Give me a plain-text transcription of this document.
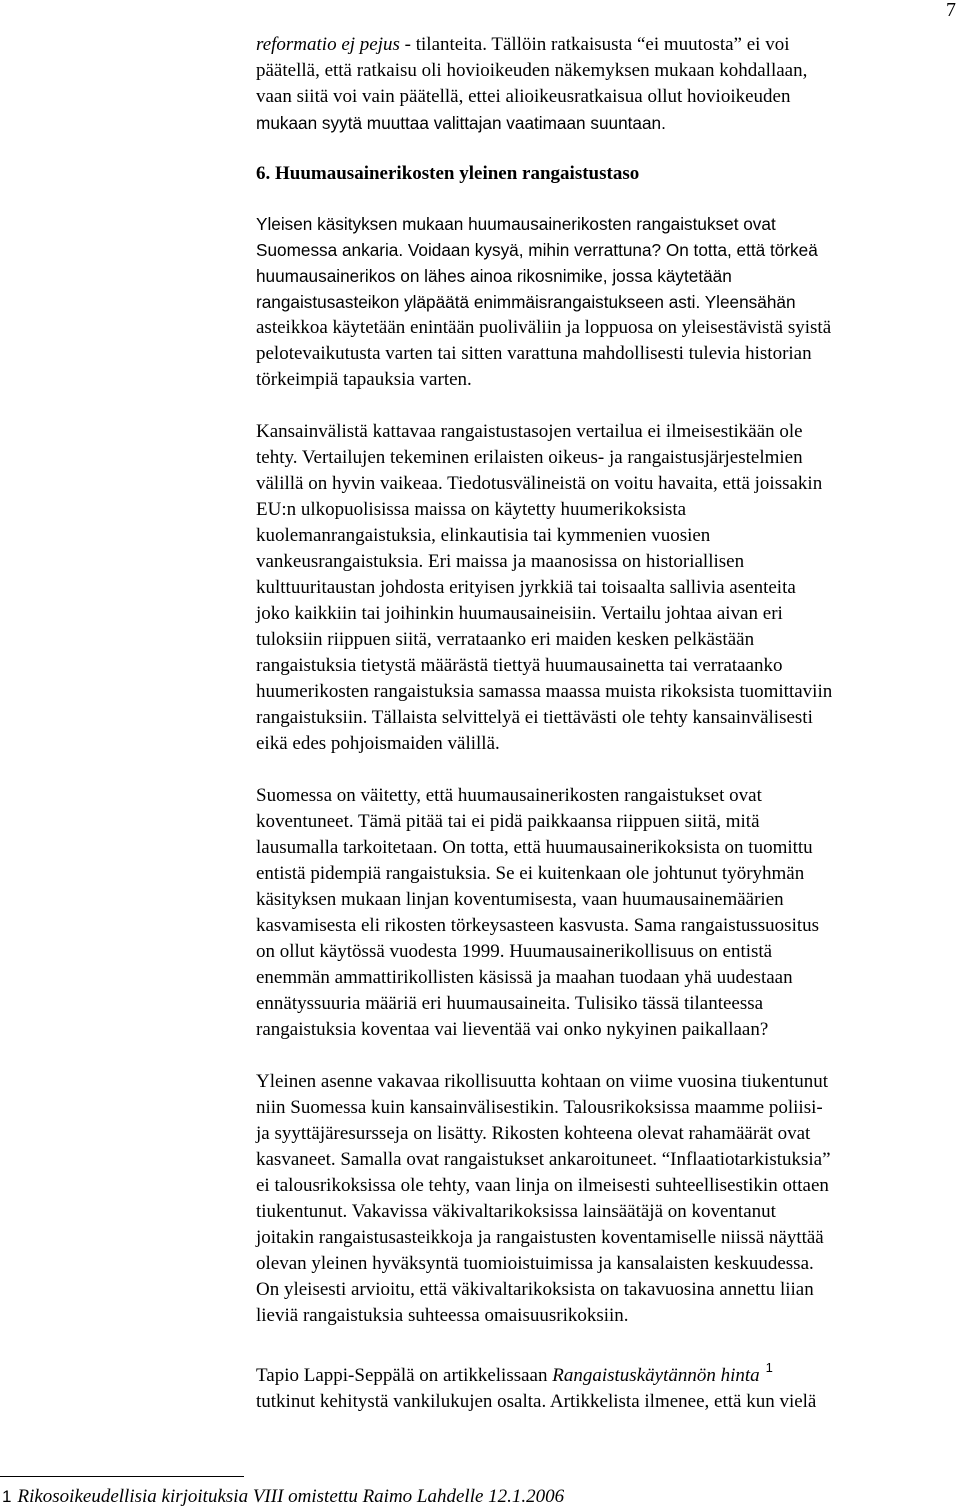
7
reformatio ej pejus - tilanteita. Tällöin ratkaisusta “ei muutosta” ei voi
päätellä, että ratkaisu oli hovioikeuden näkemyksen mukaan kohdallaan,
vaan siitä voi vain päätellä, ettei alioikeusratkaisua ollut hovioikeuden
mukaan syytä muuttaa valittajan vaatimaan suuntaan.
6. Huumausainerikosten yleinen rangaistustaso
Yleisen käsityksen mukaan huumausainerikosten rangaistukset ovat
Suomessa ankaria. Voidaan kysyä, mihin verrattuna? On totta, että törkeä
huumausainerikos on lähes ainoa rikosnimike, jossa käytetään
rangaistusasteikon yläpäätä enimmäisrangaistukseen asti. Yleensähän
asteikkoa käytetään enintään puoliväliin ja loppuosa on yleisestävistä syistä
pelotevaikutusta varten tai sitten varattuna mahdollisesti tulevia historian
törkeimpiä tapauksia varten.
Kansainvälistä kattavaa rangaistustasojen vertailua ei ilmeisestikään ole
tehty. Vertailujen tekeminen erilaisten oikeus- ja rangaistusjärjestelmien
välillä on hyvin vaikeaa. Tiedotusvälineistä on voitu havaita, että joissakin
EU:n ulkopuolisissa maissa on käytetty huumerikoksista
kuolemanrangaistuksia, elinkautisia tai kymmenien vuosien
vankeusrangaistuksia. Eri maissa ja maanosissa on historiallisen
kulttuuritaustan johdosta erityisen jyrkkiä tai toisaalta sallivia asenteita
joko kaikkiin tai joihinkin huumausaineisiin. Vertailu johtaa aivan eri
tuloksiin riippuen siitä, verrataanko eri maiden kesken pelkästään
rangaistuksia tietystä määrästä tiettyä huumausainetta tai verrataanko
huumerikosten rangaistuksia samassa maassa muista rikoksista tuomittaviin
rangaistuksiin. Tällaista selvittelyä ei tiettävästi ole tehty kansainvälisesti
eikä edes pohjoismaiden välillä.
Suomessa on väitetty, että huumausainerikosten rangaistukset ovat
koventuneet. Tämä pitää tai ei pidä paikkaansa riippuen siitä, mitä
lausumalla tarkoitetaan. On totta, että huumausainerikoksista on tuomittu
entistä pidempiä rangaistuksia. Se ei kuitenkaan ole johtunut työryhmän
käsityksen mukaan linjan koventumisesta, vaan huumausainemäärien
kasvamisesta eli rikosten törkeysasteen kasvusta. Sama rangaistussuositus
on ollut käytössä vuodesta 1999. Huumausainerikollisuus on entistä
enemmän ammattirikollisten käsissä ja maahan tuodaan yhä uudestaan
ennätyssuuria määriä eri huumausaineita. Tulisiko tässä tilanteessa
rangaistuksia koventaa vai lieventää vai onko nykyinen paikallaan?
Yleinen asenne vakavaa rikollisuutta kohtaan on viime vuosina tiukentunut
niin Suomessa kuin kansainvälisestikin. Talousrikoksissa maamme poliisi-
ja syyttäjäresursseja on lisätty. Rikosten kohteena olevat rahamäärät ovat
kasvaneet. Samalla ovat rangaistukset ankaroituneet. “Inflaatiotarkistuksia”
ei talousrikoksissa ole tehty, vaan linja on ilmeisesti suhteellisestikin ottaen
tiukentunut. Vakavissa väkivaltarikoksissa lainsäätäjä on koventanut
joitakin rangaistusasteikkoja ja rangaistusten koventamiselle niissä näyttää
olevan yleinen hyväksyntä tuomioistuimissa ja kansalaisten keskuudessa.
On yleisesti arvioitu, että väkivaltarikoksista on takavuosina annettu liian
lieviä rangaistuksia suhteessa omaisuusrikoksiin.
Tapio Lappi-Seppälä on artikkelissaan Rangaistuskäytännön hinta $^1$
tutkinut kehitystä vankilukujen osalta. Artikkelista ilmenee, että kun vielä
1 Rikosoikeudellisia kirjoituksia VIII omistettu Raimo Lahdelle 12.1.2006
